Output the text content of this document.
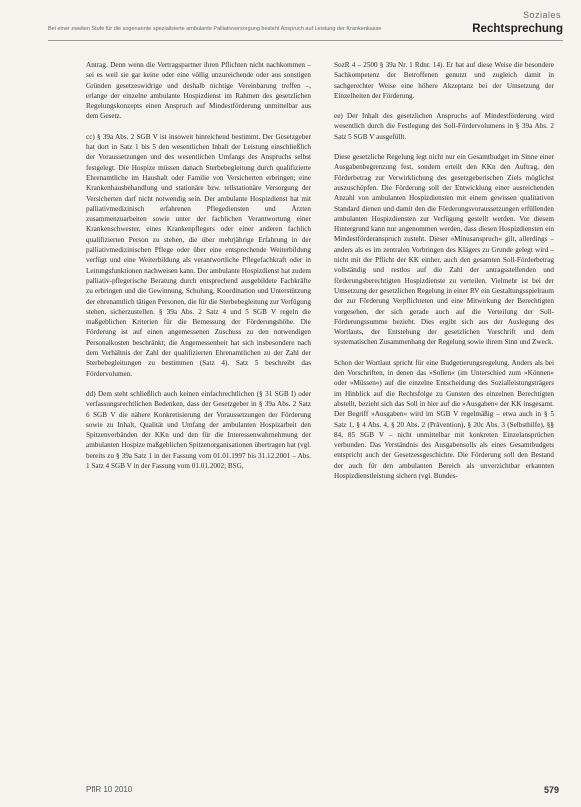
Soziales
Bei einer zweiten Stufe für die sogenannte spezialisierte ambulante Palliativversorgung besteht Anspruch auf Leistung der Krankenkasse	Rechtsprechung

Antrag. Denn wenn die Vertragspartner ihren Pflichten nicht nachkommen – sei es weil sie gar keine oder eine völlig unzureichende oder aus sonstigen Gründen gesetzeswidrige und deshalb nichtige Vereinbarung treffen –, erlange der einzelne ambulante Hospizdienst im Rahmen des gesetzlichen Regelungskonzepts einen Anspruch auf Mindestförderung unmittelbar aus dem Gesetz.

cc) § 39a Abs. 2 SGB V ist insoweit hinreichend bestimmt. Der Gesetzgeber hat dort in Satz 1 bis 5 den wesentlichen Inhalt der Leistung einschließlich der Voraussetzungen und des wesentlichen Umfangs des Anspruchs selbst festgelegt. Die Hospize müssen danach Sterbebegleitung durch qualifizierte Ehrenamtliche im Haushalt oder Familie von Versicherten erbringen; eine Krankenhausbehandlung und stationäre bzw. teilstationäre Versorgung der Versicherten darf nicht notwendig sein. Der ambulante Hospizdienst hat mit palliativmedizinisch erfahrenen Pflegediensten und Ärzten zusammenzuarbeiten sowie unter der fachlichen Verantwortung einer Krankenschwester, eines Krankenpflegers oder einer anderen fachlich qualifizierten Person zu stehen, die über mehrjährige Erfahrung in der palliativmedizinischen Pflege oder über eine entsprechende Weiterbildung verfügt und eine Weiterbildung als verantwortliche Pflegefachkraft oder in Leitungsfunktionen nachweisen kann. Der ambulante Hospizdienst hat zudem palliativ-pflegerische Beratung durch entsprechend ausgebildete Fachkräfte zu erbringen und die Gewinnung, Schulung, Koordination und Unterstützung der ehrenamtlich tätigen Personen, die für die Sterbebegleitung zur Verfügung stehen, sicherzustellen. § 39a Abs. 2 Satz 4 und 5 SGB V regeln die maßgeblichen Kriterien für die Bemessung der Förderungshöhe. Die Förderung ist auf einen angemessenen Zuschuss zu den notwendigen Personalkosten beschränkt; die Angemessenheit hat sich insbesondere nach dem Verhältnis der Zahl der qualifizierten Ehrenamtlichen zu der Zahl der Sterbebegleitungen zu bestimmen (Satz 4). Satz 5 beschreibt das Fördervolumen.

dd) Dem steht schließlich auch keinen einfachrechtlichen (§ 31 SGB I) oder verfassungsrechtlichen Bedenken, dass der Gesetzgeber in § 39a Abs. 2 Satz 6 SGB V die nähere Konkretisierung der Voraussetzungen der Förderung sowie zu Inhalt, Qualität und Umfang der ambulanten Hospizarbeit den Spitzenverbänden der KKn und den für die Interessenwahrnehmung der ambulanten Hospize maßgeblichen Spitzenorganisationen übertragen hat (vgl. bereits zu § 39a Satz 1 in der Fassung vom 01.01.1997 bis 31.12.2001 – Abs. 1 Satz 4 SGB V in der Fassung vom 01.01.2002; BSG,

SozR 4 – 2500 § 39a Nr. 1 Rdnr. 14). Er hat auf diese Weise die besondere Sachkompetenz der Betroffenen genutzt und zugleich damit in sachgerechter Weise eine höhere Akzeptanz bei der Umsetzung der Einzelheiten der Förderung.

ee) Der Inhalt des gesetzlichen Anspruchs auf Mindestförderung wird wesentlich durch die Festlegung des Soll-Fördervolumens in § 39a Abs. 2 Satz 5 SGB V ausgefüllt.

Diese gesetzliche Regelung legt nicht nur ein Gesamtbudget im Sinne einer Ausgabenbegrenzung fest, sondern erteilt den KKn den Auftrag, den Förderbetrag zur Verwirklichung des gesetzgeberischen Ziels möglichst auszuschöpfen. Die Förderung soll der Entwicklung einer ausreichenden Anzahl von ambulanten Hospizdiensten mit einem gewissen qualitativen Standard dienen und damit den die Förderungsvoraussetzungen erfüllenden ambulanten Hospizdiensten zur Verfügung gestellt werden. Vor diesem Hintergrund kann nur angenommen werden, dass diesen Hospizdiensten ein Mindestförderanspruch zusteht. Dieser »Minusanspruch« gilt, allerdings – anders als es im zentralen Vorbringen des Klägers zu Grunde gelegt wird – nicht mit der Pflicht der KK einher, auch den gesamten Soll-Förderbetrag vollständig und restlos auf die Zahl der antragsstellenden und förderungsberechtigten Hospizdienste zu verteilen. Vielmehr ist bei der Umsetzung der gesetzlichen Regelung in einer RV ein Gestaltungsspielraum der zur Förderung Verpflichteten und eine Mitwirkung der Berechtigten vorgesehen, der sich gerade auch auf die Verteilung der Soll-Förderungssumme bezieht. Dies ergibt sich aus der Auslegung des Wortlauts, der Entstehung der gesetzlichen Vorschrift und dem systematischen Zusammenhang der Regelung sowie ihrem Sinn und Zweck.

Schon der Wortlaut spricht für eine Budgetierungsregelung. Anders als bei den Vorschriften, in denen das »Sollen« (im Unterschied zum »Können« oder »Müssen«) auf die einzelne Entscheidung des Sozialleistungsträgers im Hinblick auf die Rechtsfolge zu Gunsten des einzelnen Berechtigten abstellt, bezieht sich das Soll in hier auf die »Ausgaben« der KK insgesamt. Der Begriff »Ausgaben« wird im SGB V regelmäßig – etwa auch in § 5 Satz 1, § 4 Abs. 4, § 20 Abs. 2 (Prävention), § 20c Abs. 3 (Selbsthilfe), §§ 84, 85 SGB V – nicht unmittelbar mit konkreten Einzelansprüchen verbunden. Das Verständnis des Ausgabensolls als eines Gesamtbudgets entspricht auch der Gesetzessgeschichte. Die Förderung soll den Bestand der auch für den ambulanten Bereich als unverzichtbar erkannten Hospizdienstleistung sichern (vgl. Bundes-

PflR 10 2010	579
